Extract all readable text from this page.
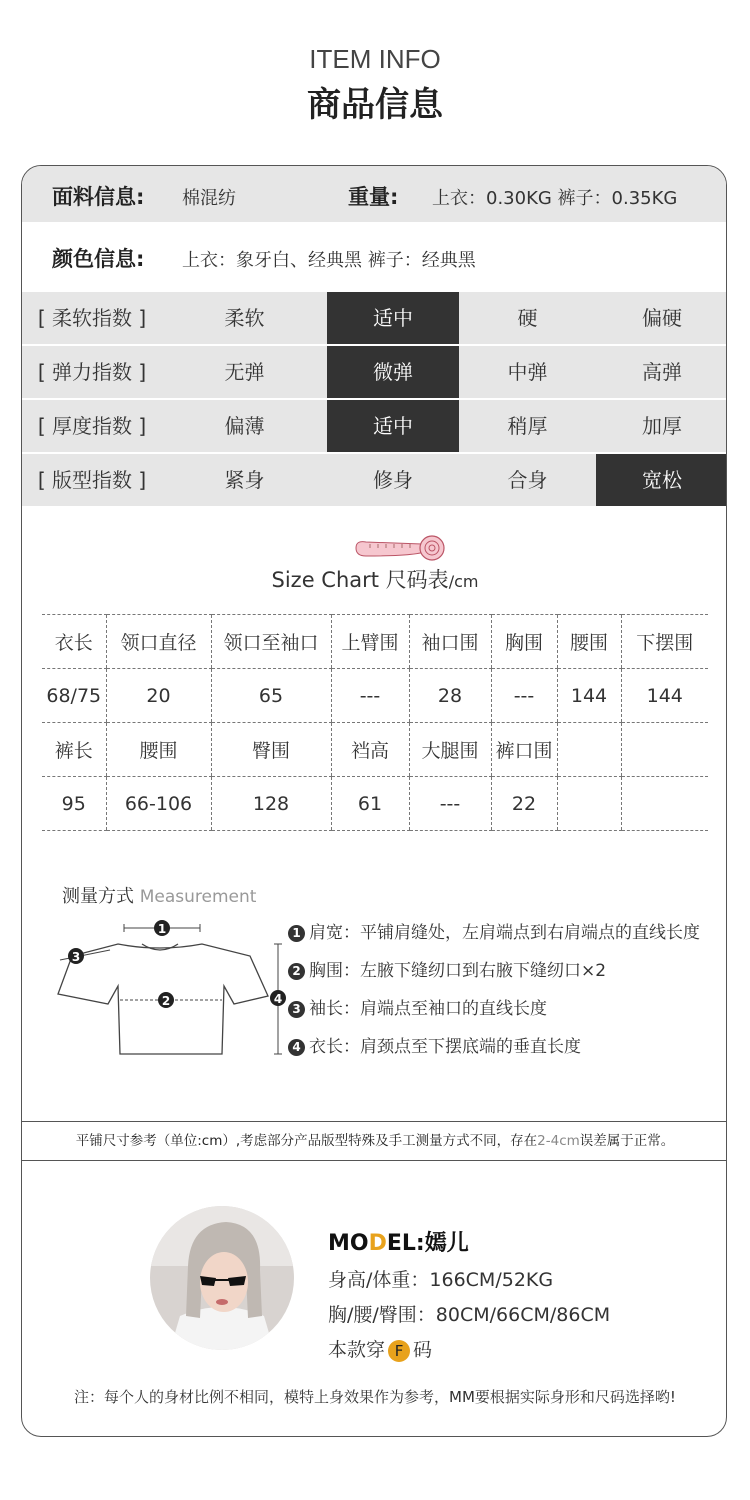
ITEM INFO
商品信息
面料信息: 棉混纺	重量: 上衣：0.30KG 裤子：0.35KG
颜色信息: 上衣：象牙白、经典黑 裤子：经典黑
[ 柔软指数 ]	柔软	适中	硬	偏硬
[ 弹力指数 ]	无弹	微弹	中弹	高弹
[ 厚度指数 ]	偏薄	适中	稍厚	加厚
[ 版型指数 ]	紧身	修身	合身	宽松
Size Chart 尺码表/cm
衣长	领口直径	领口至袖口	上臂围	袖口围	胸围	腰围	下摆围
68/75	20	65	---	28	---	144	144
裤长	腰围	臀围	裆高	大腿围	裤口围		
95	66-106	128	61	---	22		
测量方式 Measurement
1
2
3
4
1 肩宽：平铺肩缝处，左肩端点到右肩端点的直线长度
2 胸围：左腋下缝纫口到右腋下缝纫口×2
3 袖长：肩端点至袖口的直线长度
4 衣长：肩颈点至下摆底端的垂直长度
平铺尺寸参考（单位:cm）,考虑部分产品版型特殊及手工测量方式不同，存在2-4cm误差属于正常。
MODEL:嫣儿
身高/体重：166CM/52KG
胸/腰/臀围：80CM/66CM/86CM
本款穿 F 码
注：每个人的身材比例不相同，模特上身效果作为参考，MM要根据实际身形和尺码选择哟!
